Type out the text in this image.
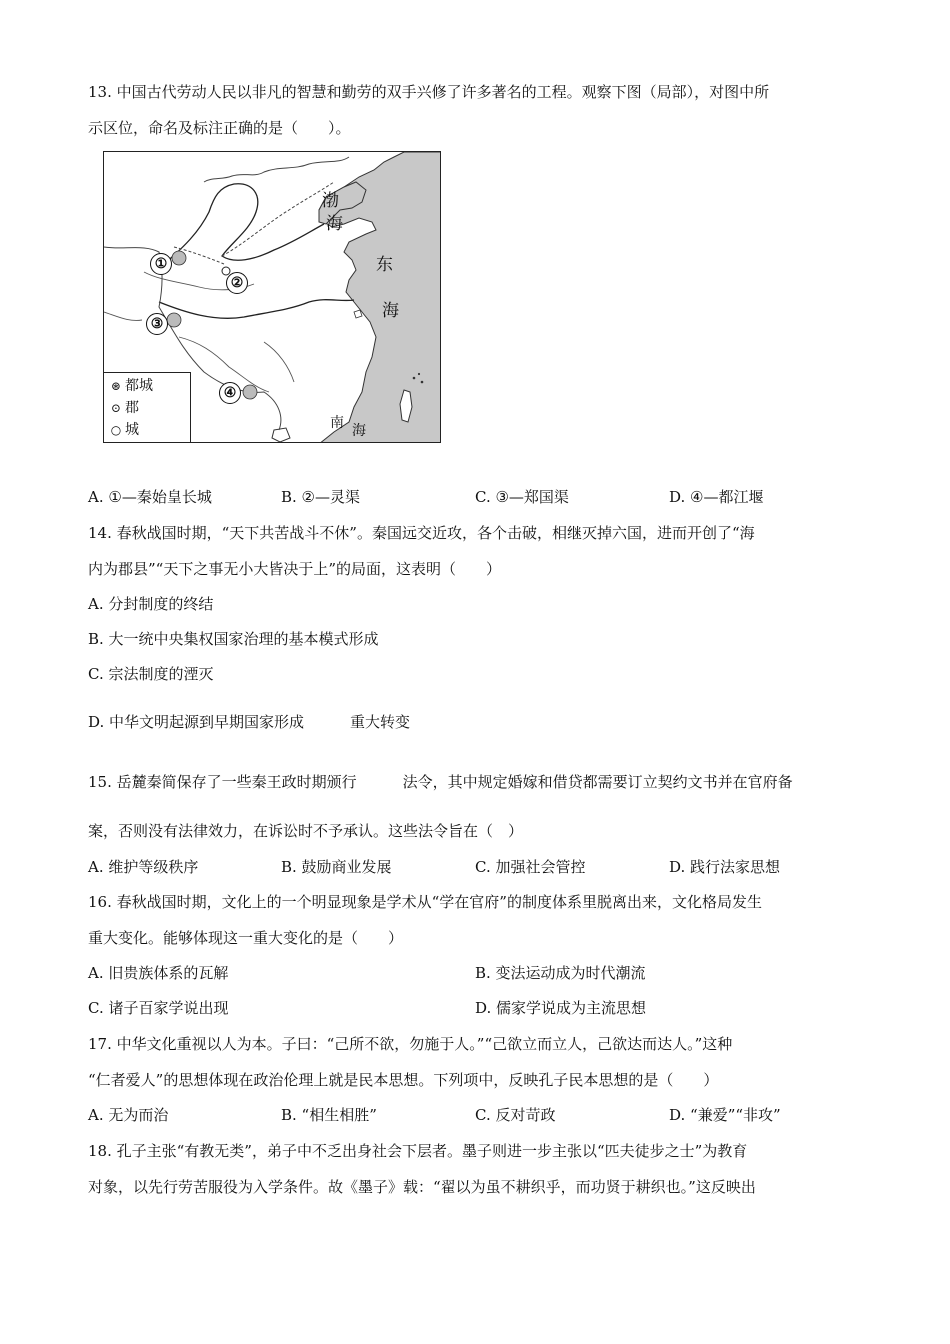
13. 中国古代劳动人民以非凡的智慧和勤劳的双手兴修了许多著名的工程。观察下图（局部），对图中所
示区位，命名及标注正确的是（　　）。
渤
海
东
海
南 海
①
②
③
④
⊛ 都城
⊙ 郡
○ 城
A. ①—秦始皇长城	B. ②—灵渠	C. ③—郑国渠	D. ④—都江堰
14. 春秋战国时期，“天下共苦战斗不休”。秦国远交近攻，各个击破，相继灭掉六国，进而开创了“海
内为郡县”“天下之事无小大皆决于上”的局面，这表明（　　）
A. 分封制度的终结
B. 大一统中央集权国家治理的基本模式形成
C. 宗法制度的湮灭
D. 中华文明起源到早期国家形成	重大转变
15. 岳麓秦简保存了一些秦王政时期颁行	法令，其中规定婚嫁和借贷都需要订立契约文书并在官府备
案，否则没有法律效力，在诉讼时不予承认。这些法令旨在（　）
A. 维护等级秩序	B. 鼓励商业发展	C. 加强社会管控	D. 践行法家思想
16. 春秋战国时期，文化上的一个明显现象是学术从“学在官府”的制度体系里脱离出来，文化格局发生
重大变化。能够体现这一重大变化的是（　　）
A. 旧贵族体系的瓦解	B. 变法运动成为时代潮流
C. 诸子百家学说出现	D. 儒家学说成为主流思想
17. 中华文化重视以人为本。子曰：“己所不欲，勿施于人。”“己欲立而立人，己欲达而达人。”这种
“仁者爱人”的思想体现在政治伦理上就是民本思想。下列项中，反映孔子民本思想的是（　　）
A. 无为而治	B. “相生相胜”	C. 反对苛政	D. “兼爱”“非攻”
18. 孔子主张“有教无类”，弟子中不乏出身社会下层者。墨子则进一步主张以“匹夫徒步之士”为教育
对象，以先行劳苦服役为入学条件。故《墨子》载：“翟以为虽不耕织乎，而功贤于耕织也。”这反映出
